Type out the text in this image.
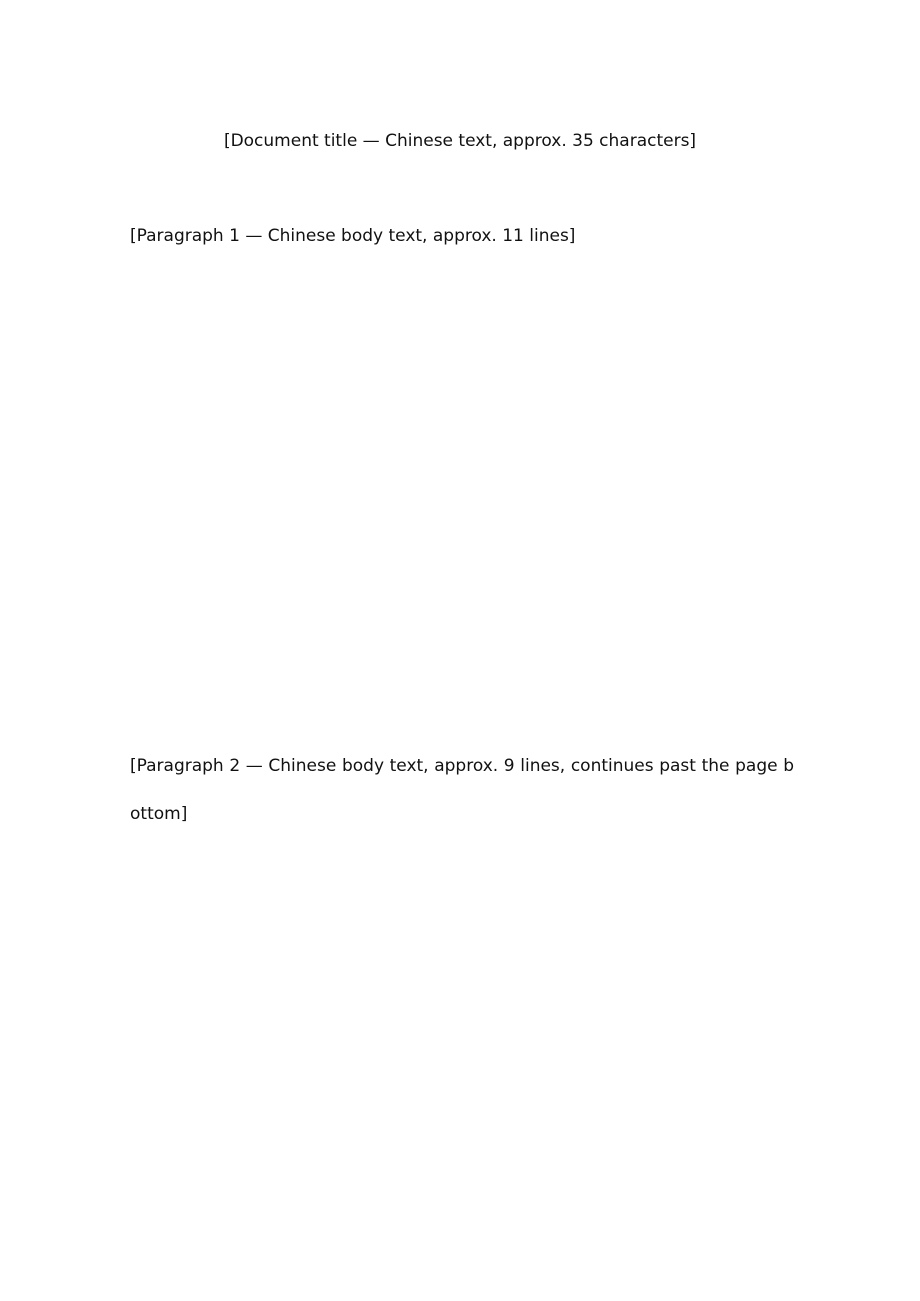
[Document title — Chinese text, approx. 35 characters]

[Paragraph 1 — Chinese body text, approx. 11 lines]

[Paragraph 2 — Chinese body text, approx. 9 lines, continues past the page bottom]
